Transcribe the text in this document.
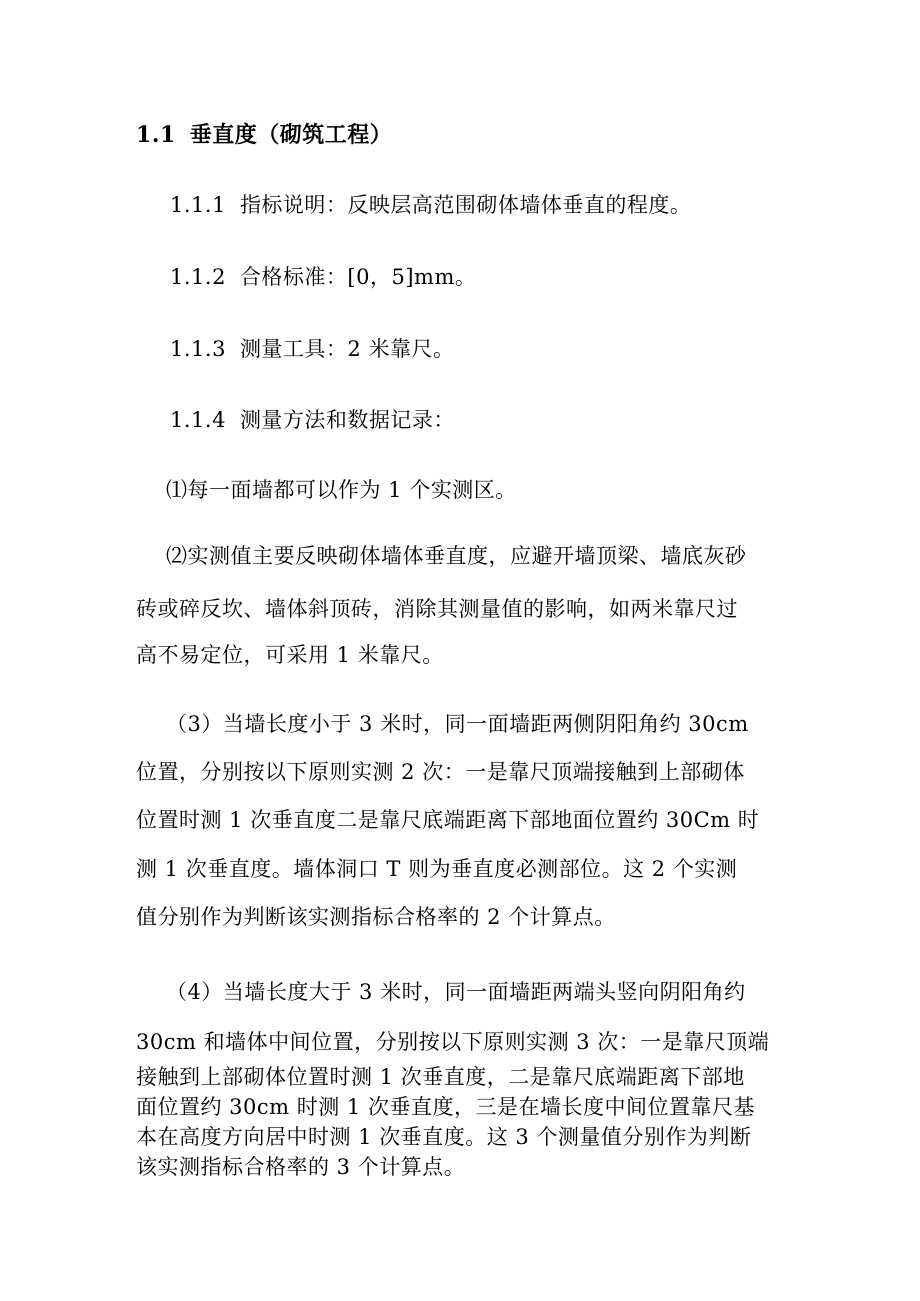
1.1 垂直度（砌筑工程）
1.1.1 指标说明：反映层高范围砌体墙体垂直的程度。
1.1.2 合格标准：[0，5]mm。
1.1.3 测量工具：2 米靠尺。
1.1.4 测量方法和数据记录：
⑴每一面墙都可以作为 1 个实测区。
⑵实测值主要反映砌体墙体垂直度，应避开墙顶梁、墙底灰砂
砖或碎反坎、墙体斜顶砖，消除其测量值的影响，如两米靠尺过
高不易定位，可采用 1 米靠尺。
（3）当墙长度小于 3 米时，同一面墙距两侧阴阳角约 30cm
位置，分别按以下原则实测 2 次：一是靠尺顶端接触到上部砌体
位置时测 1 次垂直度二是靠尺底端距离下部地面位置约 30Cm 时
测 1 次垂直度。墙体洞口 T 则为垂直度必测部位。这 2 个实测
值分别作为判断该实测指标合格率的 2 个计算点。
（4）当墙长度大于 3 米时，同一面墙距两端头竖向阴阳角约
30cm 和墙体中间位置，分别按以下原则实测 3 次：一是靠尺顶端
接触到上部砌体位置时测 1 次垂直度，二是靠尺底端距离下部地
面位置约 30cm 时测 1 次垂直度，三是在墙长度中间位置靠尺基
本在高度方向居中时测 1 次垂直度。这 3 个测量值分别作为判断
该实测指标合格率的 3 个计算点。
